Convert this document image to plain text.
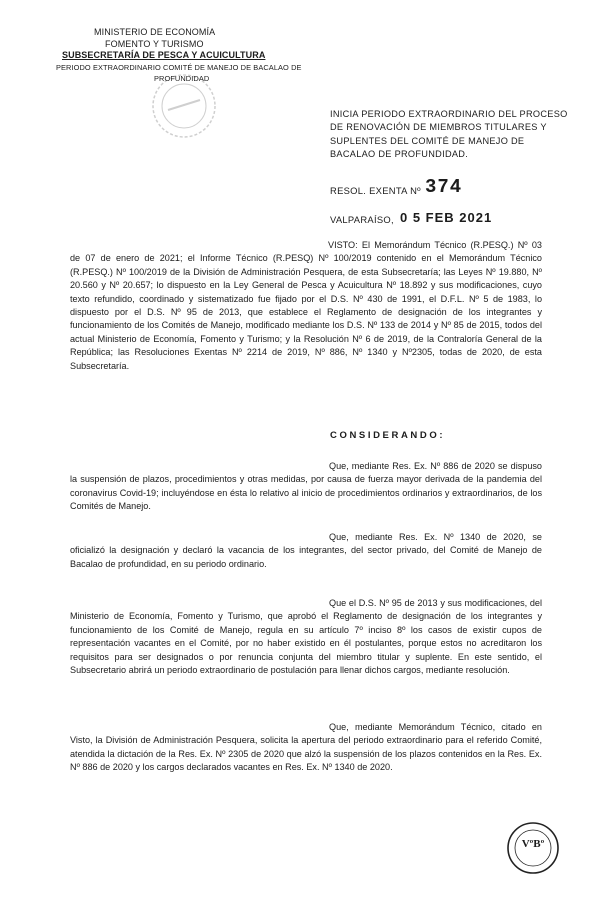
MINISTERIO DE ECONOMÍA
FOMENTO Y TURISMO
SUBSECRETARÍA DE PESCA Y ACUICULTURA
PERIODO EXTRAORDINARIO COMITÉ DE MANEJO DE BACALAO DE
PROFUNDIDAD
INICIA PERIODO EXTRAORDINARIO DEL PROCESO
DE RENOVACIÓN DE MIEMBROS TITULARES Y
SUPLENTES DEL COMITÉ DE MANEJO DE
BACALAO DE PROFUNDIDAD.
RESOL. EXENTA Nº 374
VALPARAÍSO, 0 5 FEB 2021
VISTO: El Memorándum Técnico (R.PESQ.) Nº 03 de 07 de enero de 2021; el Informe Técnico (R.PESQ) Nº 100/2019 contenido en el Memorándum Técnico (R.PESQ.) Nº 100/2019 de la División de Administración Pesquera, de esta Subsecretaría; las Leyes Nº 19.880, Nº 20.560 y Nº 20.657; lo dispuesto en la Ley General de Pesca y Acuicultura Nº 18.892 y sus modificaciones, cuyo texto refundido, coordinado y sistematizado fue fijado por el D.S. Nº 430 de 1991, el D.F.L. Nº 5 de 1983, lo dispuesto por el D.S. Nº 95 de 2013, que establece el Reglamento de designación de los integrantes y funcionamiento de los Comités de Manejo, modificado mediante los D.S. Nº 133 de 2014 y Nº 85 de 2015, todos del actual Ministerio de Economía, Fomento y Turismo; y la Resolución Nº 6 de 2019, de la Contraloría General de la República; las Resoluciones Exentas Nº 2214 de 2019, Nº 886, Nº 1340 y Nº2305, todas de 2020, de esta Subsecretaría.
CONSIDERANDO:
Que, mediante Res. Ex. Nº 886 de 2020 se dispuso la suspensión de plazos, procedimientos y otras medidas, por causa de fuerza mayor derivada de la pandemia del coronavirus Covid-19; incluyéndose en ésta lo relativo al inicio de procedimientos ordinarios y extraordinarios, de los Comités de Manejo.
Que, mediante Res. Ex. Nº 1340 de 2020, se oficializó la designación y declaró la vacancia de los integrantes, del sector privado, del Comité de Manejo de Bacalao de profundidad, en su periodo ordinario.
Que el D.S. Nº 95 de 2013 y sus modificaciones, del Ministerio de Economía, Fomento y Turismo, que aprobó el Reglamento de designación de los integrantes y funcionamiento de los Comité de Manejo, regula en su artículo 7º inciso 8º los casos de existir cupos de representación vacantes en el Comité, por no haber existido en él postulantes, porque estos no acreditaron los requisitos para ser designados o por renuncia conjunta del miembro titular y suplente. En este sentido, el Subsecretario abrirá un periodo extraordinario de postulación para llenar dichos cargos, mediante resolución.
Que, mediante Memorándum Técnico, citado en Visto, la División de Administración Pesquera, solicita la apertura del periodo extraordinario para el referido Comité, atendida la dictación de la Res. Ex. Nº 2305 de 2020 que alzó la suspensión de los plazos contenidos en la Res. Ex. Nº 886 de 2020 y los cargos declarados vacantes en Res. Ex. Nº 1340 de 2020.
VºBº
